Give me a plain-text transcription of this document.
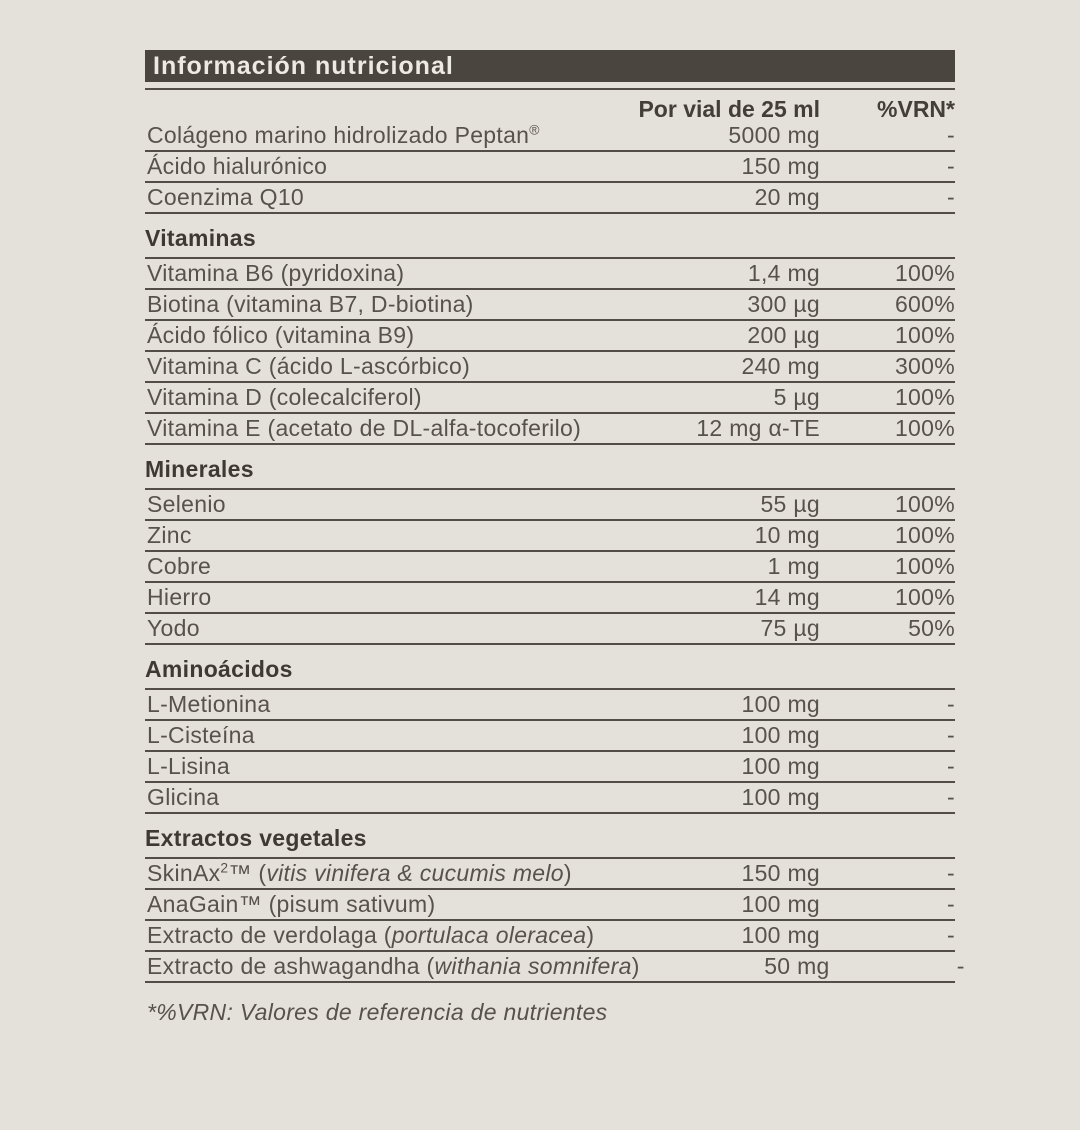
Información nutricional
Por vial de 25 ml	%VRN*
Colágeno marino hidrolizado Peptan®	5000 mg	-
Ácido hialurónico	150 mg	-
Coenzima Q10	20 mg	-
Vitaminas
Vitamina B6 (pyridoxina)	1,4 mg	100%
Biotina (vitamina B7, D-biotina)	300 µg	600%
Ácido fólico (vitamina B9)	200 µg	100%
Vitamina C (ácido L-ascórbico)	240 mg	300%
Vitamina D (colecalciferol)	5 µg	100%
Vitamina E (acetato de DL-alfa-tocoferilo)	12 mg α-TE	100%
Minerales
Selenio	55 µg	100%
Zinc	10 mg	100%
Cobre	1 mg	100%
Hierro	14 mg	100%
Yodo	75 µg	50%
Aminoácidos
L-Metionina	100 mg	-
L-Cisteína	100 mg	-
L-Lisina	100 mg	-
Glicina	100 mg	-
Extractos vegetales
SkinAx$^2$™ (vitis vinifera & cucumis melo)	150 mg	-
AnaGain™ (pisum sativum)	100 mg	-
Extracto de verdolaga (portulaca oleracea)	100 mg	-
Extracto de ashwagandha (withania somnifera)	50 mg	-
*%VRN: Valores de referencia de nutrientes
